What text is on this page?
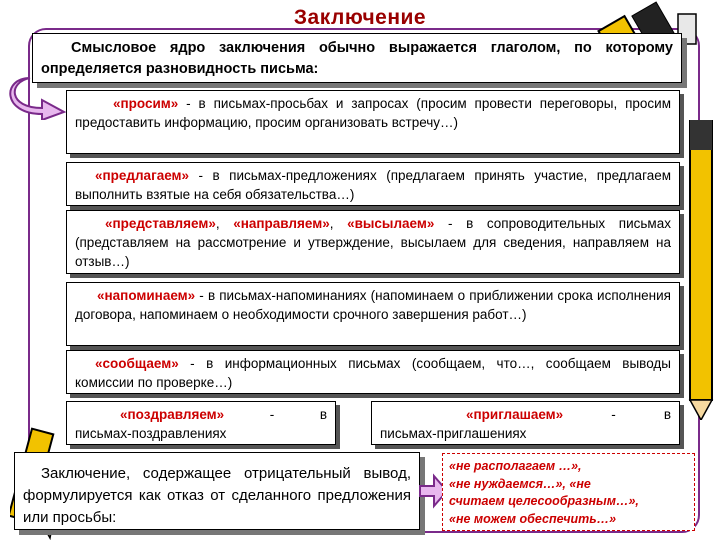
Заключение
Смысловое ядро заключения обычно выражается глаголом, по которому определяется разновидность письма:
«просим» - в письмах-просьбах и запросах (просим провести переговоры, просим предоставить информацию, просим организовать встречу…)
«предлагаем» - в письмах-предложениях (предлагаем принять участие, предлагаем выполнить взятые на себя обязательства…)
«представляем», «направляем», «высылаем» - в сопроводительных письмах (представляем на рассмотрение и утверждение, высылаем для сведения, направляем на отзыв…)
«напоминаем» - в письмах-напоминаниях (напоминаем о приближении срока исполнения договора, напоминаем о необходимости срочного завершения работ…)
«сообщаем» - в информационных письмах (сообщаем, что…, сообщаем выводы комиссии по проверке…)
«поздравляем» - в письмах-поздравлениях
«приглашаем» - в письмах-приглашениях
Заключение, содержащее отрицательный вывод, формулируется как отказ от сделанного предложения или просьбы:
«не располагаем …»,
«не нуждаемся…», «не
считаем целесообразным…»,
«не можем обеспечить…»
